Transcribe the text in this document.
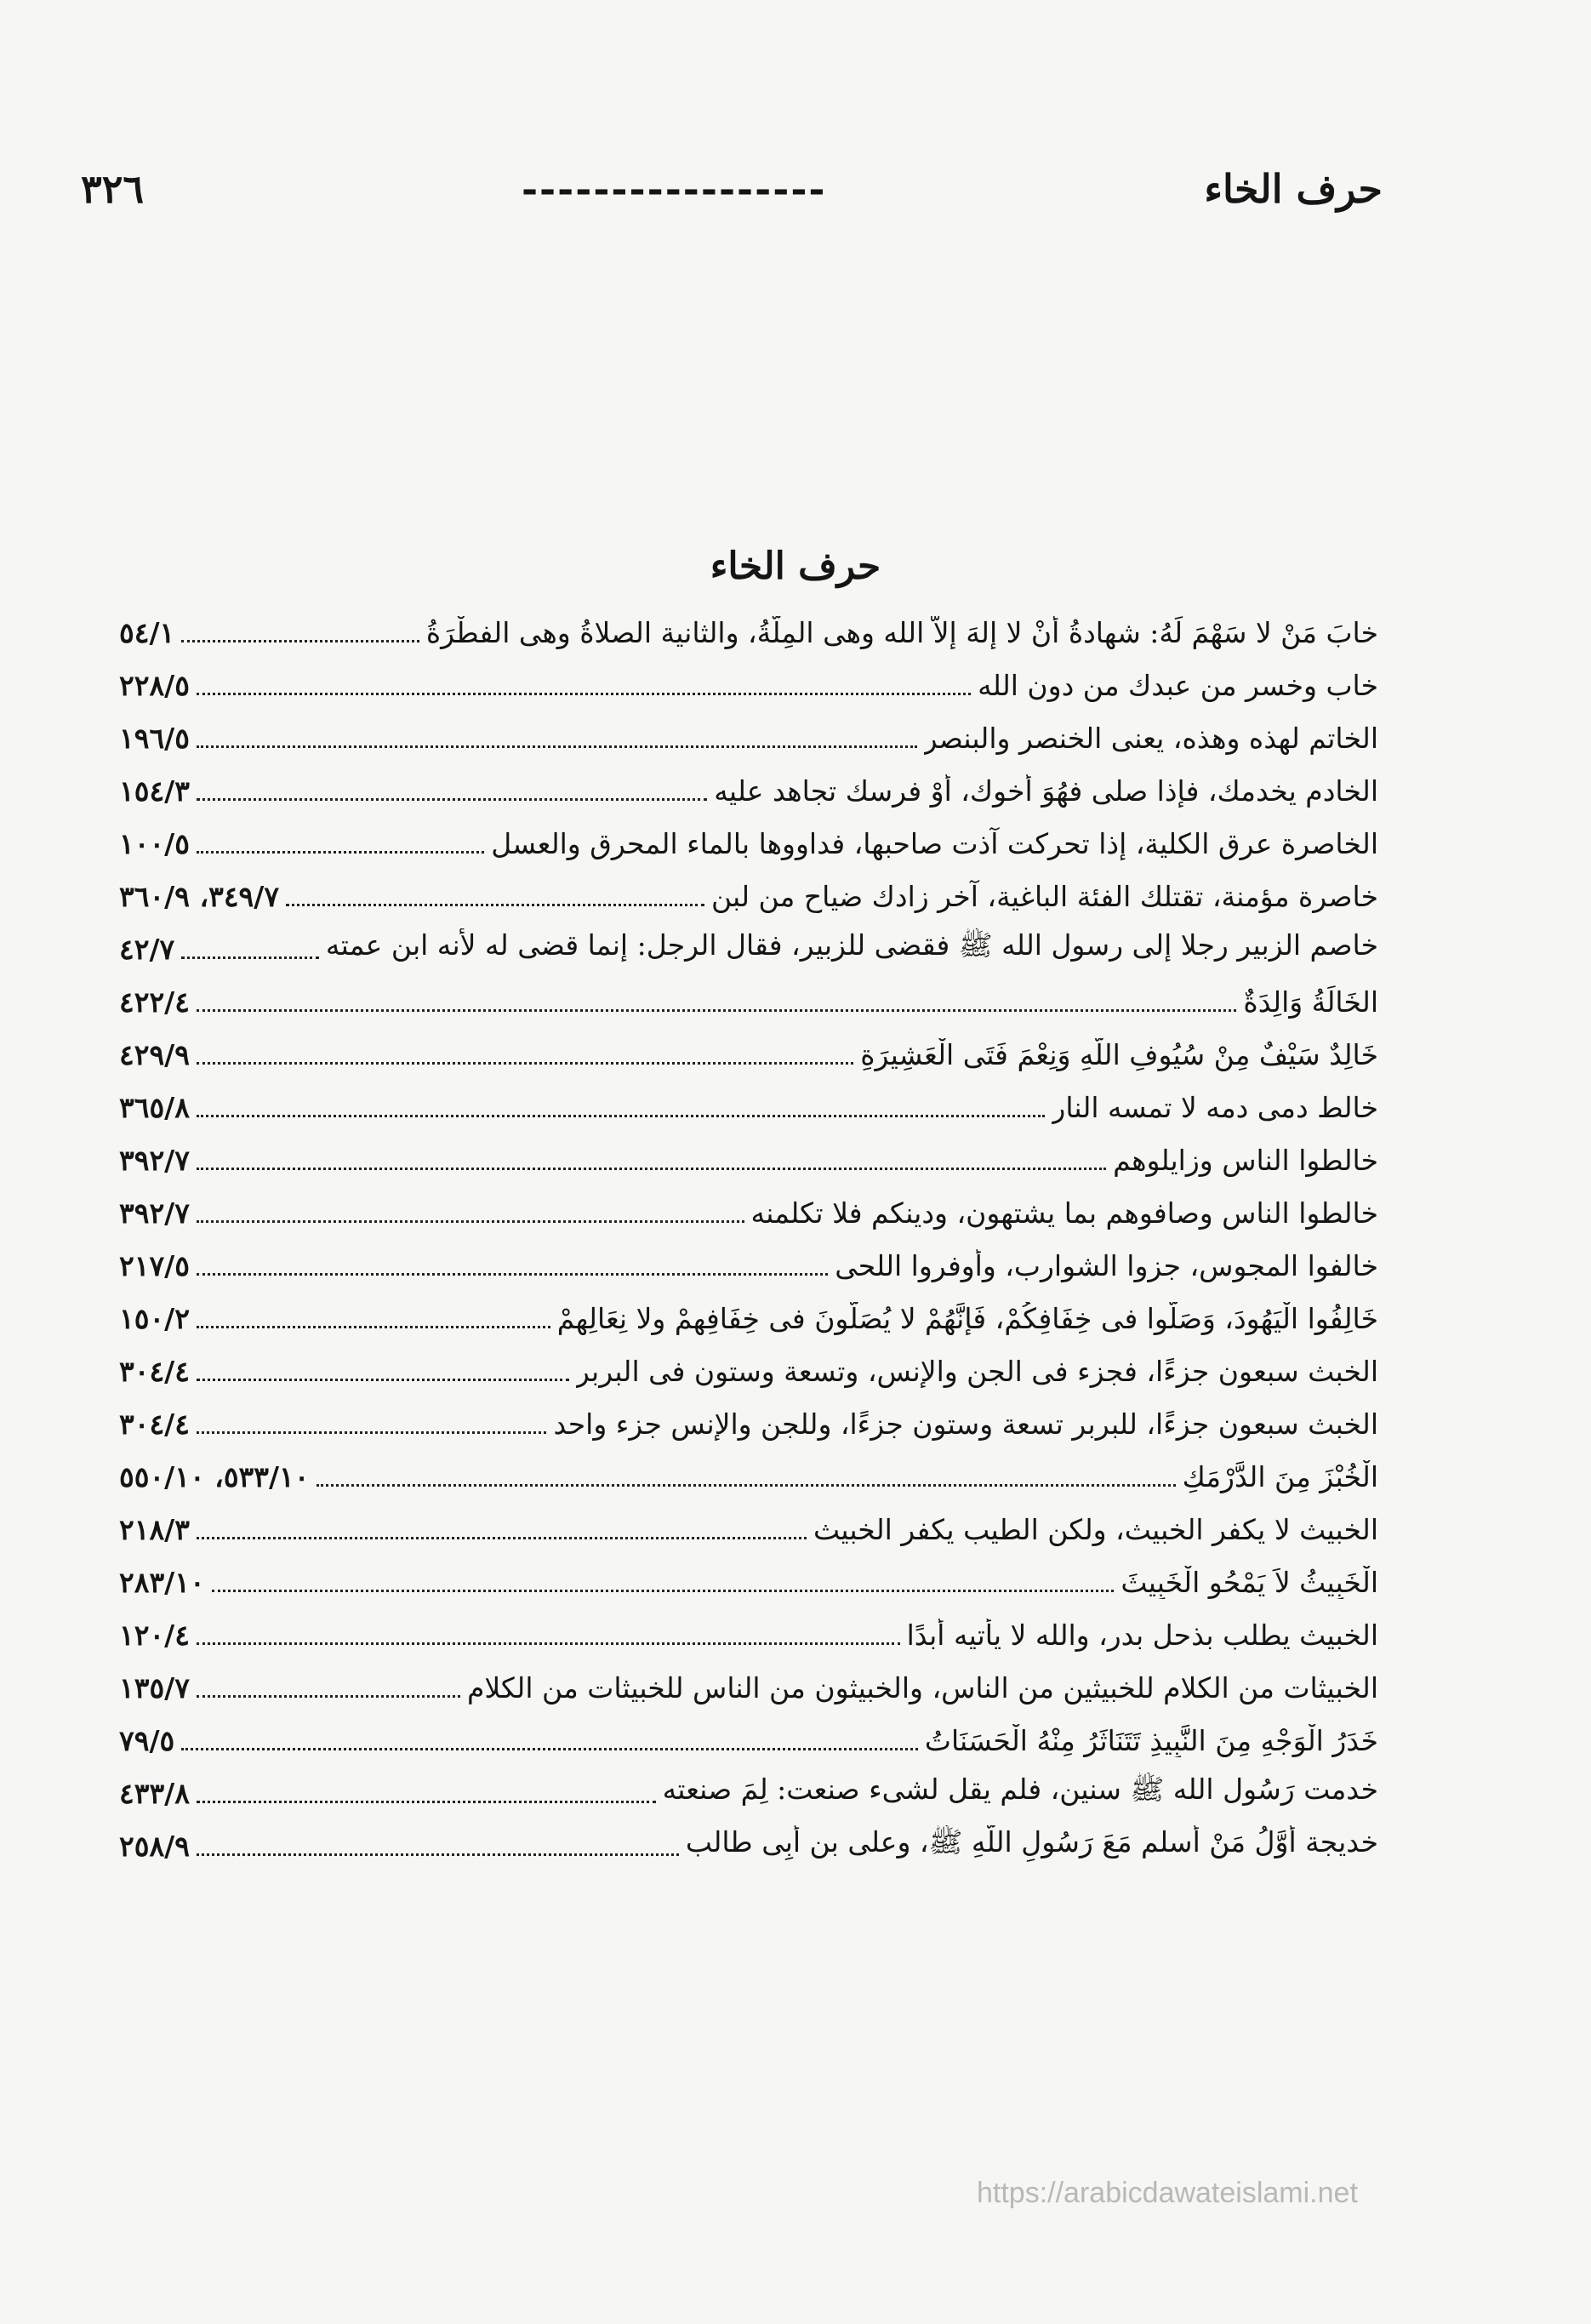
٣٢٦	-----------------	حرف الخاء
حرف الخاء
خابَ مَنْ لا سَهْمَ لَهُ: شهادةُ أنْ لا إلهَ إلاّ الله وهى المِلَّةُ، والثانية الصلاةُ وهى الفطْرَةُ
٥٤/١
خاب وخسر من عبدك من دون الله
٢٢٨/٥
الخاتم لهذه وهذه، يعنى الخنصر والبنصر
١٩٦/٥
الخادم يخدمك، فإذا صلى فهُوَ أخوك، أوْ فرسك تجاهد عليه
١٥٤/٣
الخاصرة عرق الكلية، إذا تحركت آذت صاحبها، فداووها بالماء المحرق والعسل
١٠٠/٥
خاصرة مؤمنة، تقتلك الفئة الباغية، آخر زادك ضياح من لبن
٣٤٩/٧، ٣٦٠/٩
خاصم الزبير رجلا إلى رسول الله ﷺ فقضى للزبير، فقال الرجل: إنما قضى له لأنه ابن عمته
٤٢/٧
الخَالَةُ وَالِدَةٌ
٤٢٢/٤
خَالِدٌ سَيْفٌ مِنْ سُيُوفِ اللَّهِ وَنِعْمَ فَتَى الْعَشِيرَةِ
٤٢٩/٩
خالط دمى دمه لا تمسه النار
٣٦٥/٨
خالطوا الناس وزايلوهم
٣٩٢/٧
خالطوا الناس وصافوهم بما يشتهون، ودينكم فلا تكلمنه
٣٩٢/٧
خالفوا المجوس، جزوا الشوارب، وأوفروا اللحى
٢١٧/٥
خَالِفُوا الْيَهُودَ، وَصَلُّوا فى خِفَافِكُمْ، فَإِنَّهُمْ لا يُصَلُّونَ فى خِفَافِهِمْ ولا نِعَالِهِمْ
١٥٠/٢
الخبث سبعون جزءًا، فجزء فى الجن والإنس، وتسعة وستون فى البربر
٣٠٤/٤
الخبث سبعون جزءًا، للبربر تسعة وستون جزءًا، وللجن والإنس جزء واحد
٣٠٤/٤
الْخُبْزَ مِنَ الدَّرْمَكِ
٥٣٣/١٠، ٥٥٠/١٠
الخبيث لا يكفر الخبيث، ولكن الطيب يكفر الخبيث
٢١٨/٣
الْخَبِيثُ لاَ يَمْحُو الْخَبِيثَ
٢٨٣/١٠
الخبيث يطلب بذحل بدر، والله لا يأتيه أبدًا
١٢٠/٤
الخبيثات من الكلام للخبيثين من الناس، والخبيثون من الناس للخبيثات من الكلام
١٣٥/٧
خَدَرُ الْوَجْهِ مِنَ النَّبِيذِ تَتَنَاثَرُ مِنْهُ الْحَسَنَاتُ
٧٩/٥
خدمت رَسُول الله ﷺ سنين، فلم يقل لشىء صنعت: لِمَ صنعته
٤٣٣/٨
خديجة أَوَّلُ مَنْ أَسلم مَعَ رَسُولِ اللَّهِ ﷺ، وعلى بن أَبِى طالب
٢٥٨/٩
https://arabicdawateislami.net
